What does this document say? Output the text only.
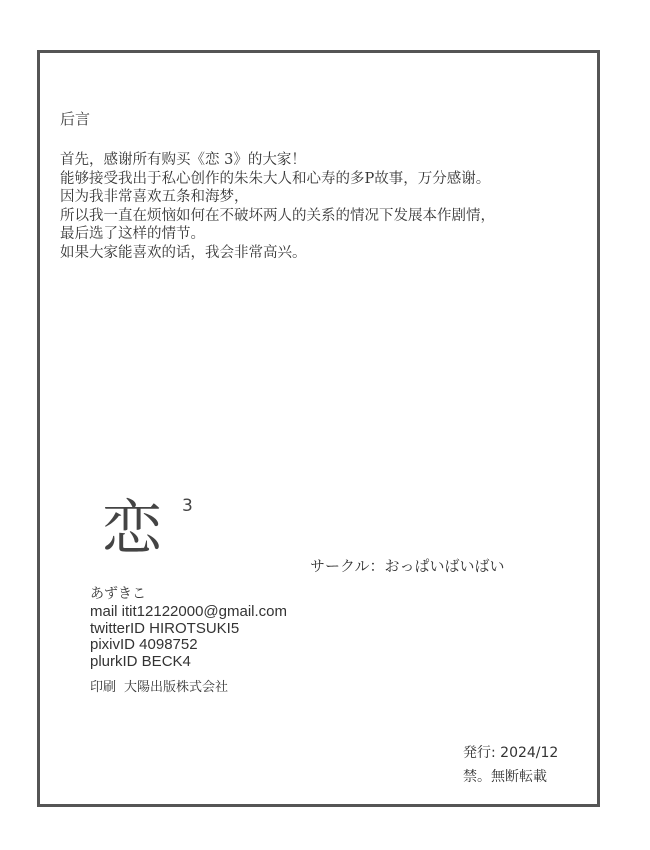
后言
首先，感谢所有购买《恋 3》的大家！
能够接受我出于私心创作的朱朱大人和心寿的多P故事，万分感谢。
因为我非常喜欢五条和海梦，
所以我一直在烦恼如何在不破坏两人的关系的情况下发展本作剧情，
最后选了这样的情节。
如果大家能喜欢的话，我会非常高兴。
恋 3
サークル：おっぱいばいばい
あずきこ
mail itit12122000@gmail.com
twitterID HIROTSUKI5
pixivID 4098752
plurkID BECK4
印刷 大陽出版株式会社
発行: 2024/12
禁。無断転載
